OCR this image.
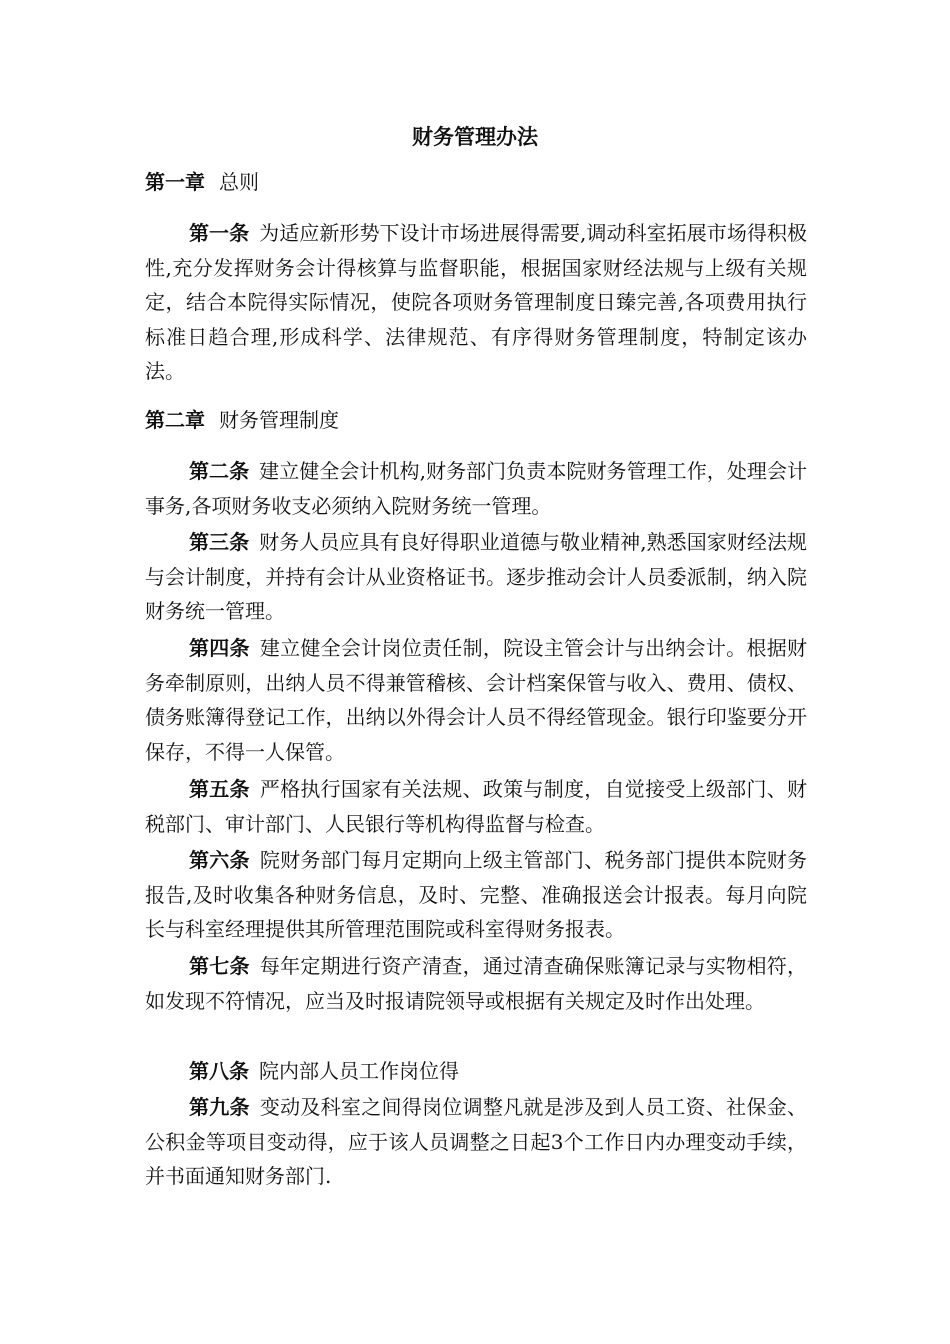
财务管理办法
第一章 总则
第一条 为适应新形势下设计市场进展得需要,调动科室拓展市场得积极性,充分发挥财务会计得核算与监督职能，根据国家财经法规与上级有关规定，结合本院得实际情况，使院各项财务管理制度日臻完善,各项费用执行标准日趋合理,形成科学、法律规范、有序得财务管理制度，特制定该办法。
第二章 财务管理制度
第二条 建立健全会计机构,财务部门负责本院财务管理工作，处理会计事务,各项财务收支必须纳入院财务统一管理。
第三条 财务人员应具有良好得职业道德与敬业精神,熟悉国家财经法规与会计制度，并持有会计从业资格证书。逐步推动会计人员委派制，纳入院财务统一管理。
第四条 建立健全会计岗位责任制，院设主管会计与出纳会计。根据财务牵制原则，出纳人员不得兼管稽核、会计档案保管与收入、费用、债权、债务账簿得登记工作，出纳以外得会计人员不得经管现金。银行印鉴要分开保存，不得一人保管。
第五条 严格执行国家有关法规、政策与制度，自觉接受上级部门、财税部门、审计部门、人民银行等机构得监督与检查。
第六条 院财务部门每月定期向上级主管部门、税务部门提供本院财务报告,及时收集各种财务信息，及时、完整、准确报送会计报表。每月向院长与科室经理提供其所管理范围院或科室得财务报表。
第七条 每年定期进行资产清查，通过清查确保账簿记录与实物相符，如发现不符情况，应当及时报请院领导或根据有关规定及时作出处理。
第八条 院内部人员工作岗位得
第九条 变动及科室之间得岗位调整凡就是涉及到人员工资、社保金、公积金等项目变动得，应于该人员调整之日起3个工作日内办理变动手续，并书面通知财务部门.
